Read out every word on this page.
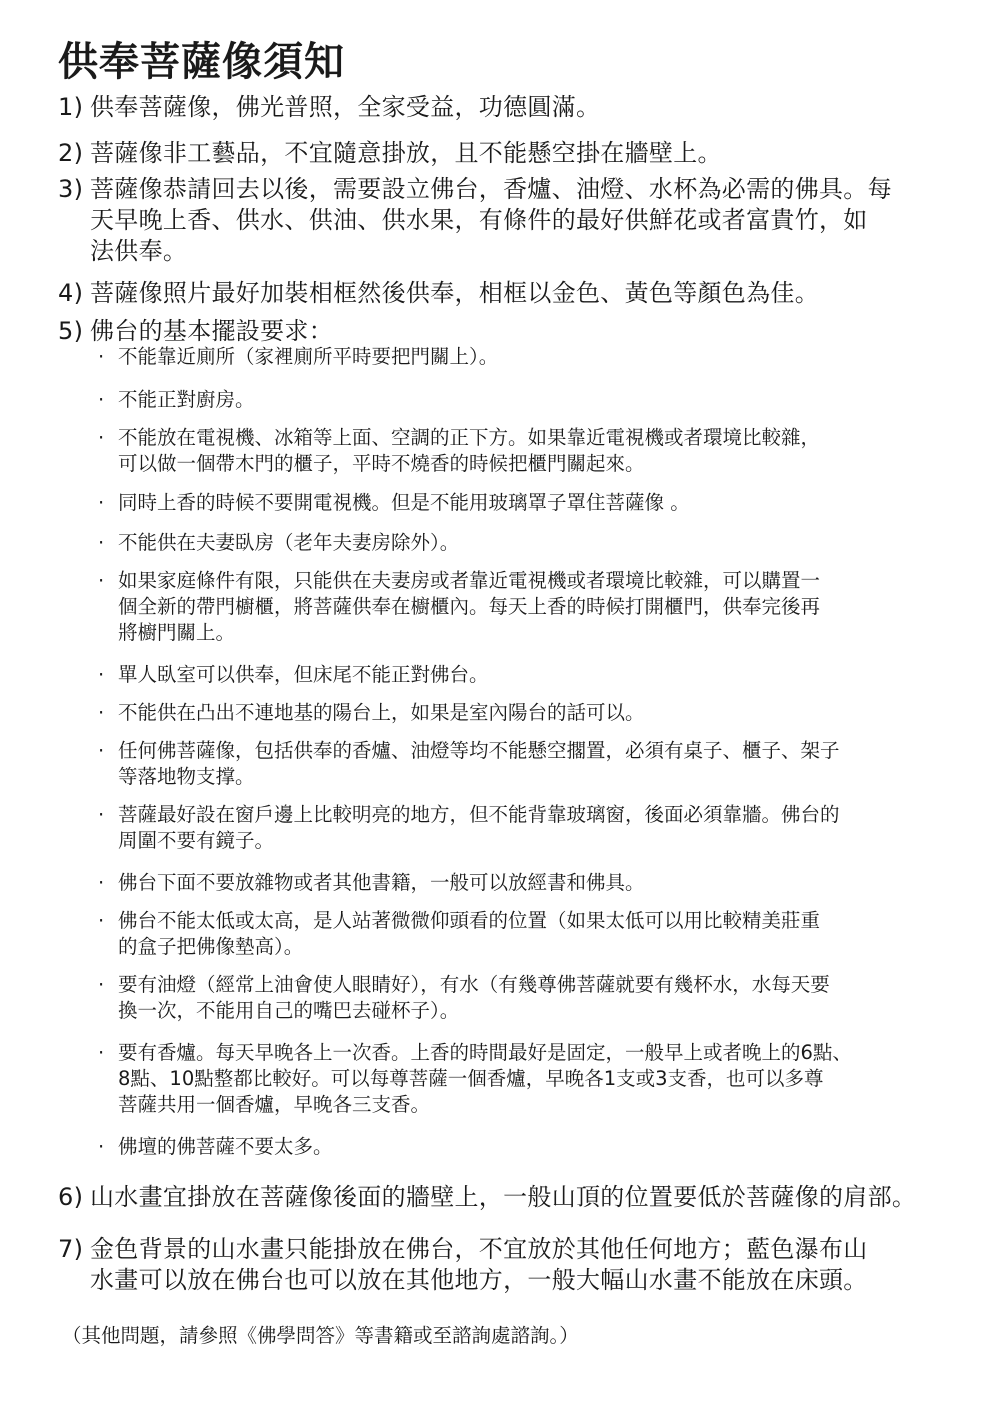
供奉菩薩像須知
1) 供奉菩薩像，佛光普照，全家受益，功德圓滿。
2) 菩薩像非工藝品，不宜隨意掛放，且不能懸空掛在牆壁上。
3) 菩薩像恭請回去以後，需要設立佛台，香爐、油燈、水杯為必需的佛具。每
天早晚上香、供水、供油、供水果，有條件的最好供鮮花或者富貴竹，如
法供奉。
4) 菩薩像照片最好加裝相框然後供奉，相框以金色、黃色等顏色為佳。
5) 佛台的基本擺設要求：
6) 山水畫宜掛放在菩薩像後面的牆壁上，一般山頂的位置要低於菩薩像的肩部。
7) 金色背景的山水畫只能掛放在佛台，不宜放於其他任何地方；藍色瀑布山
水畫可以放在佛台也可以放在其他地方，一般大幅山水畫不能放在床頭。
· 不能靠近廁所（家裡廁所平時要把門關上）。
· 不能正對廚房。
· 不能放在電視機、冰箱等上面、空調的正下方。如果靠近電視機或者環境比較雜，
可以做一個帶木門的櫃子，平時不燒香的時候把櫃門關起來。
· 同時上香的時候不要開電視機。但是不能用玻璃罩子罩住菩薩像 。
· 不能供在夫妻臥房（老年夫妻房除外）。
· 如果家庭條件有限，只能供在夫妻房或者靠近電視機或者環境比較雜，可以購置一
個全新的帶門櫥櫃，將菩薩供奉在櫥櫃內。每天上香的時候打開櫃門，供奉完後再
將櫥門關上。
· 單人臥室可以供奉，但床尾不能正對佛台。
· 不能供在凸出不連地基的陽台上，如果是室內陽台的話可以。
· 任何佛菩薩像，包括供奉的香爐、油燈等均不能懸空擱置，必須有桌子、櫃子、架子
等落地物支撑。
· 菩薩最好設在窗戶邊上比較明亮的地方，但不能背靠玻璃窗，後面必須靠牆。佛台的
周圍不要有鏡子。
· 佛台下面不要放雜物或者其他書籍，一般可以放經書和佛具。
· 佛台不能太低或太高，是人站著微微仰頭看的位置（如果太低可以用比較精美莊重
的盒子把佛像墊高）。
· 要有油燈（經常上油會使人眼睛好），有水（有幾尊佛菩薩就要有幾杯水，水每天要
換一次，不能用自己的嘴巴去碰杯子）。
· 要有香爐。每天早晚各上一次香。上香的時間最好是固定，一般早上或者晚上的6點、
8點、10點整都比較好。可以每尊菩薩一個香爐，早晚各1支或3支香，也可以多尊
菩薩共用一個香爐，早晚各三支香。
· 佛壇的佛菩薩不要太多。
（其他問題，請參照《佛學問答》等書籍或至諮詢處諮詢。）
